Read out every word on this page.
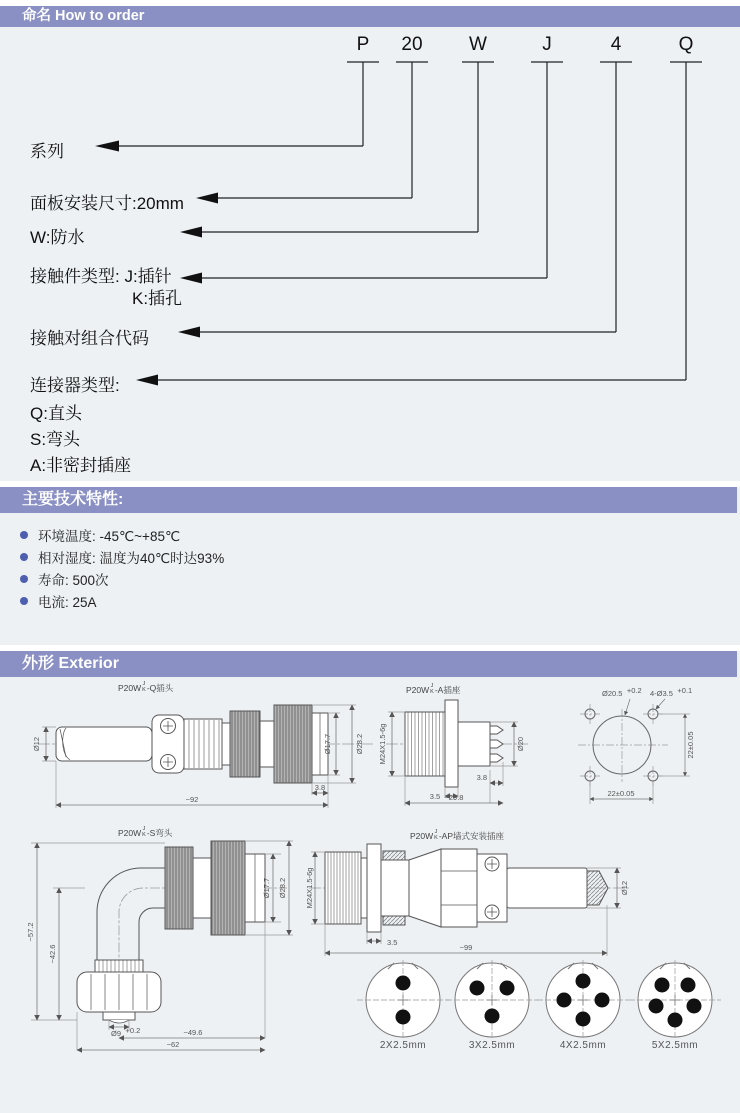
命名 How to order
P 20 W	J	4	Q
系列
面板安装尺寸:20mm
W:防水
接触件类型: J:插针
K:插孔
接触对组合代码
连接器类型:
Q:直头
S:弯头
A:非密封插座
主要技术特性:
环境温度: -45℃~+85℃
相对湿度: 温度为40℃时达93%
寿命: 500次
电流: 25A
外形 Exterior
P20W J
K -Q插头	P20W J
K -A插座
P20W J
K -S弯头	P20W J
K -AP墙式安装插座
Ø12	Ø17.7	Ø28.2
3.8
~92
M24X1.5-6g	Ø20
3.5
3.8
~29.8
Ø20.5 +0.2 4-Ø3.5 +0.1
22±0.05
22±0.05
~57.2
~42.6
Ø17.7 Ø28.2
Ø9 +0.2	~49.6
~62
M24X1.5-6g
3.5
~99
Ø12
2X2.5mm	3X2.5mm	4X2.5mm	5X2.5mm
